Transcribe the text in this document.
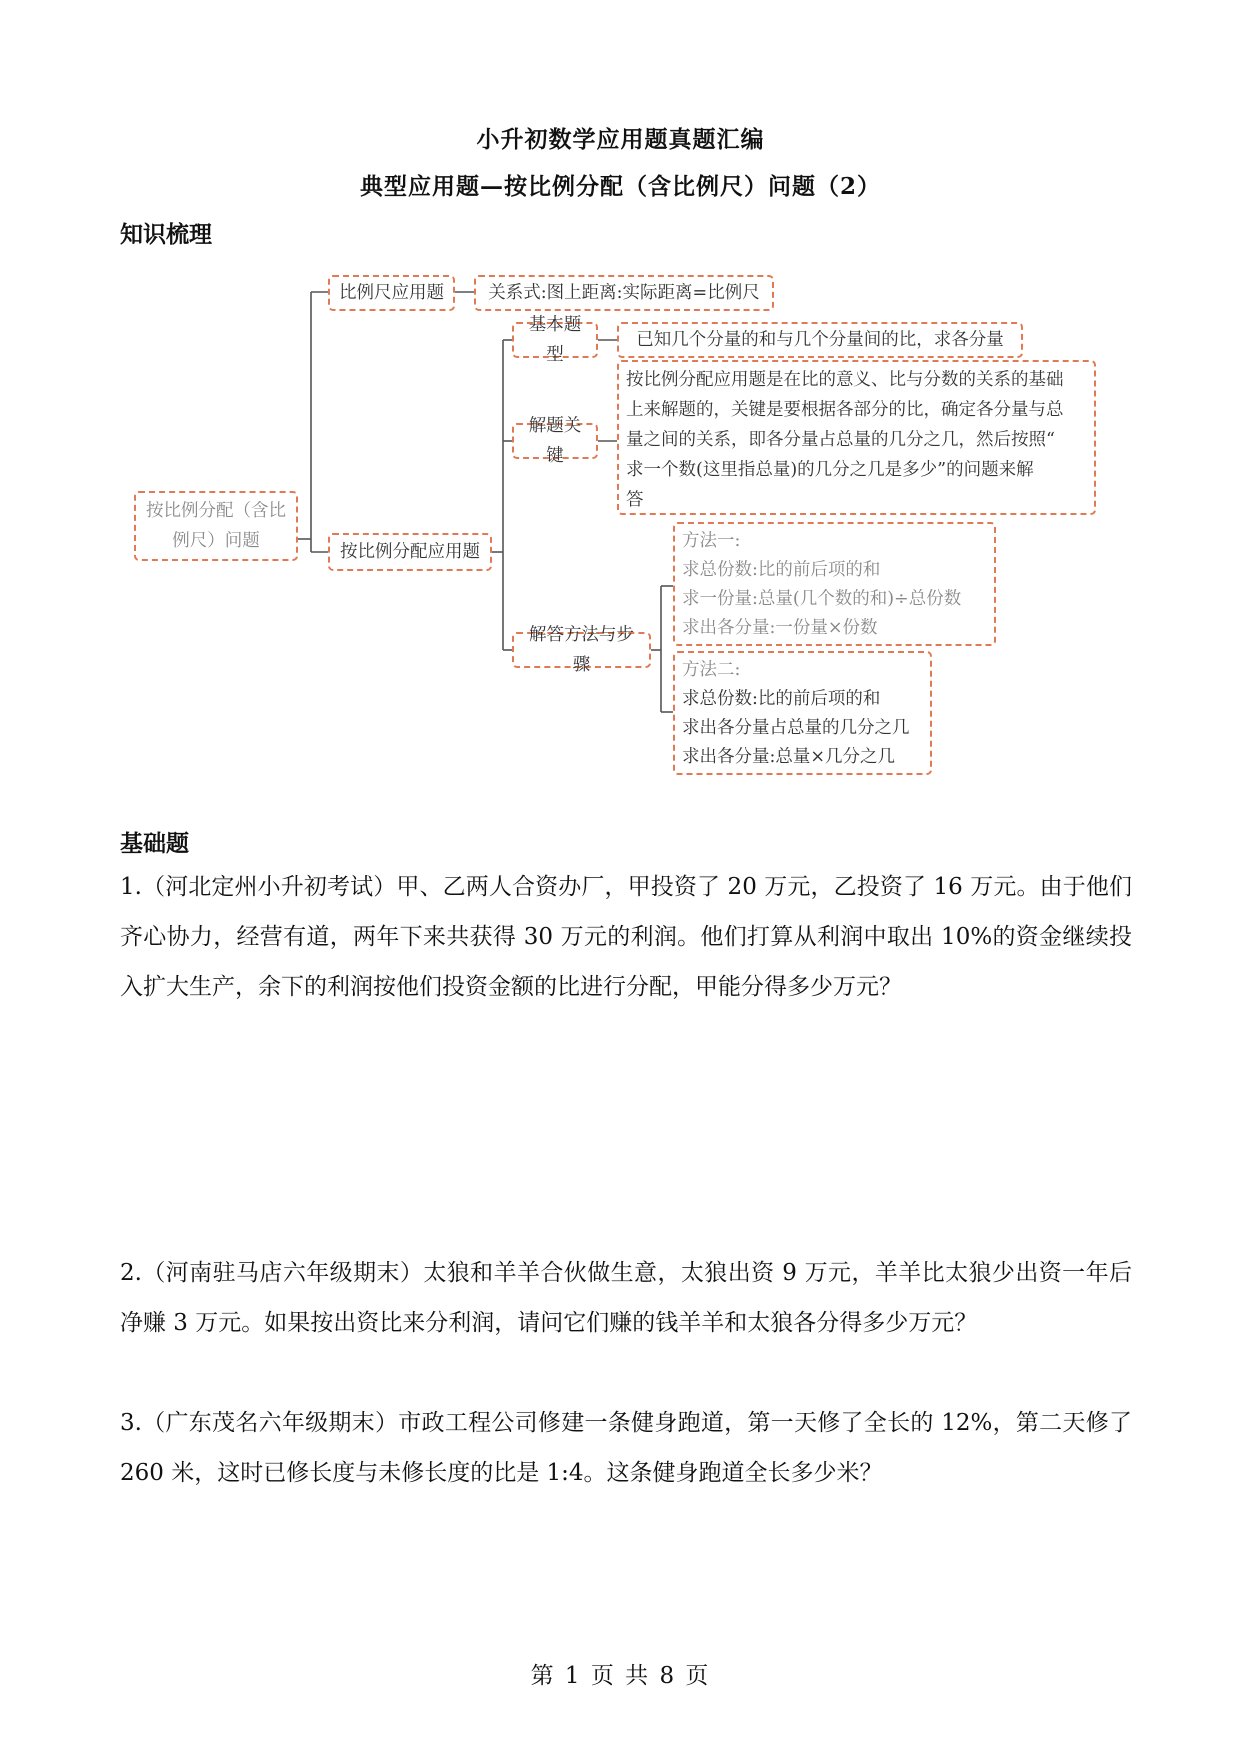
小升初数学应用题真题汇编
典型应用题—按比例分配（含比例尺）问题（2）
知识梳理
按比例分配（含比
例尺）问题
比例尺应用题	关系式:图上距离:实际距离=比例尺
按比例分配应用题
基本题型
已知几个分量的和与几个分量间的比，求各分量
解题关键
按比例分配应用题是在比的意义、比与分数的关系的基础
上来解题的，关键是要根据各部分的比，确定各分量与总
量之间的关系，即各分量占总量的几分之几，然后按照“
求一个数(这里指总量)的几分之几是多少”的问题来解
答
解答方法与步骤
方法一:
求总份数:比的前后项的和
求一份量:总量(几个数的和)÷总份数
求出各分量:一份量×份数
方法二:
求总份数:比的前后项的和
求出各分量占总量的几分之几
求出各分量:总量×几分之几
基础题
1.（河北定州小升初考试）甲、乙两人合资办厂，甲投资了 20 万元，乙投资了 16 万元。由于他们齐心协力，经营有道，两年下来共获得 30 万元的利润。他们打算从利润中取出 10%的资金继续投入扩大生产，余下的利润按他们投资金额的比进行分配，甲能分得多少万元？
2.（河南驻马店六年级期末）太狼和羊羊合伙做生意，太狼出资 9 万元，羊羊比太狼少出资一年后净赚 3 万元。如果按出资比来分利润，请问它们赚的钱羊羊和太狼各分得多少万元？
3.（广东茂名六年级期末）市政工程公司修建一条健身跑道，第一天修了全长的 12%，第二天修了 260 米，这时已修长度与未修长度的比是 1:4。这条健身跑道全长多少米？
第 1 页 共 8 页
